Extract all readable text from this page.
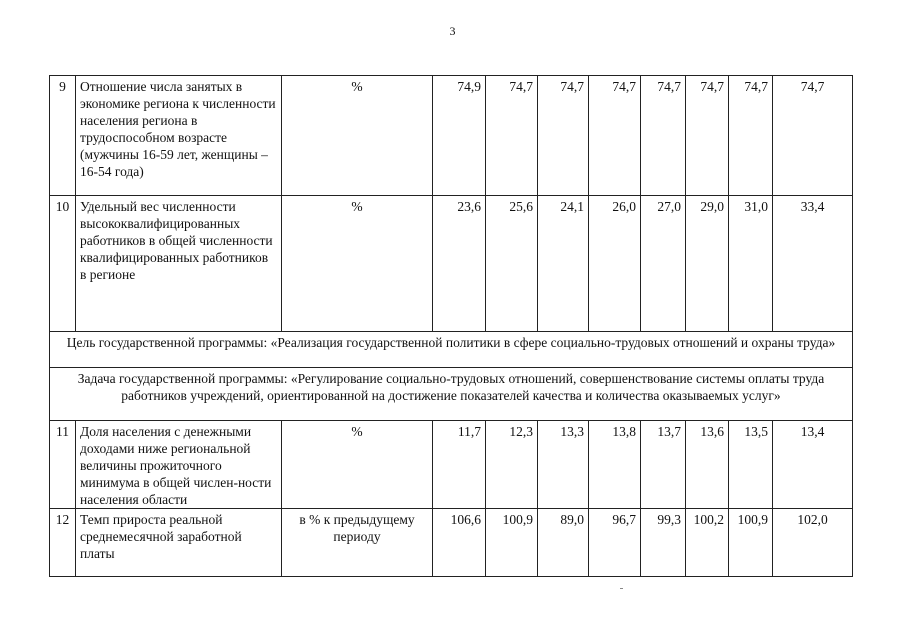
3
9	Отношение числа занятых в экономике региона к численности населения региона в трудоспособном возрасте (мужчины 16-59 лет, женщины – 16-54 года)	%	74,9	74,7	74,7	74,7	74,7	74,7	74,7	74,7
10	Удельный вес численности высококвалифицированных работников в общей численности квалифицированных работников в регионе	%	23,6	25,6	24,1	26,0	27,0	29,0	31,0	33,4
Цель государственной программы: «Реализация государственной политики в сфере социально-трудовых отношений и охраны труда»										
Задача государственной программы: «Регулирование социально-трудовых отношений, совершенствование системы оплаты труда работников учреждений, ориентированной на достижение показателей качества и количества оказываемых услуг»										
11	Доля населения с денежными доходами ниже региональной величины прожиточного минимума в общей числен-ности населения области	%	11,7	12,3	13,3	13,8	13,7	13,6	13,5	13,4
12	Темп прироста реальной среднемесячной заработной платы	в % к предыдущему периоду	106,6	100,9	89,0	96,7	99,3	100,2	100,9	102,0
